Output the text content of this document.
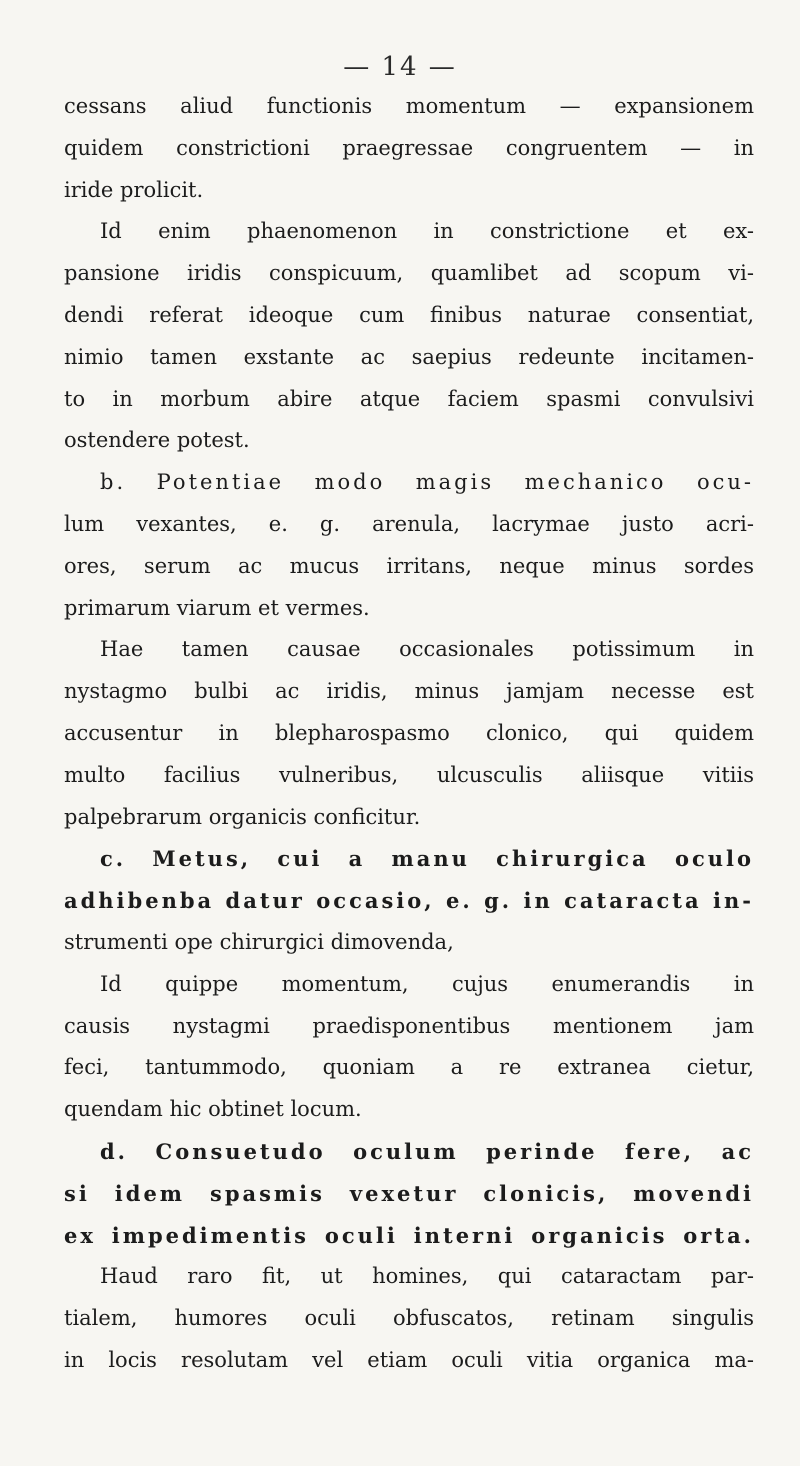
— 14 —
cessans aliud functionis momentum — expansionem
quidem constrictioni praegressae congruentem — in
iride prolicit.
Id enim phaenomenon in constrictione et ex-
pansione iridis conspicuum, quamlibet ad scopum vi-
dendi referat ideoque cum finibus naturae consentiat,
nimio tamen exstante ac saepius redeunte incitamen-
to in morbum abire atque faciem spasmi convulsivi
ostendere potest.
b. Potentiae modo magis mechanico ocu-
lum vexantes, e. g. arenula, lacrymae justo acri-
ores, serum ac mucus irritans, neque minus sordes
primarum viarum et vermes.
Hae tamen causae occasionales potissimum in
nystagmo bulbi ac iridis, minus jamjam necesse est
accusentur in blepharospasmo clonico, qui quidem
multo facilius vulneribus, ulcusculis aliisque vitiis
palpebrarum organicis conficitur.
c. Metus, cui a manu chirurgica oculo
adhibenba datur occasio, e. g. in cataracta in-
strumenti ope chirurgici dimovenda,
Id quippe momentum, cujus enumerandis in
causis nystagmi praedisponentibus mentionem jam
feci, tantummodo, quoniam a re extranea cietur,
quendam hic obtinet locum.
d. Consuetudo oculum perinde fere, ac
si idem spasmis vexetur clonicis, movendi
ex impedimentis oculi interni organicis orta.
Haud raro fit, ut homines, qui cataractam par-
tialem, humores oculi obfuscatos, retinam singulis
in locis resolutam vel etiam oculi vitia organica ma-
